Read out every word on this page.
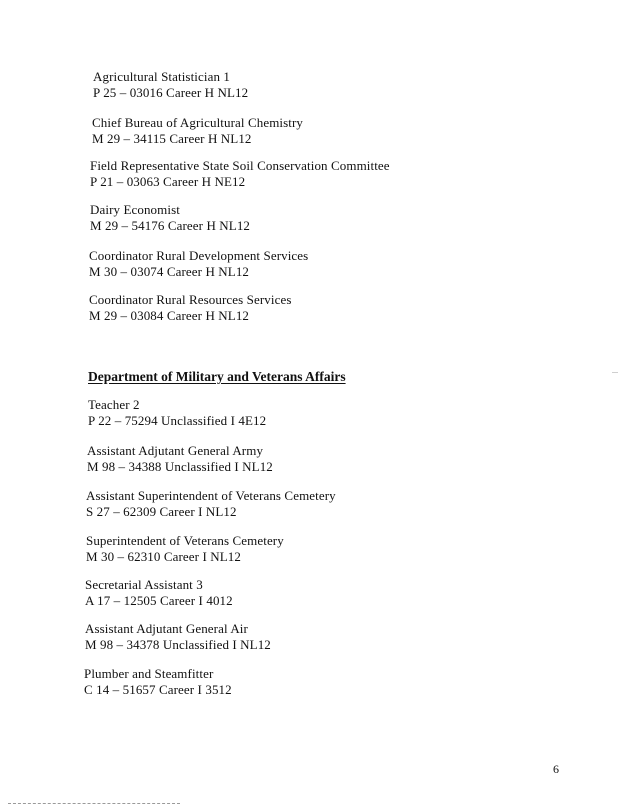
Agricultural Statistician 1
P 25 – 03016 Career H NL12
Chief Bureau of Agricultural Chemistry
M 29 – 34115 Career H NL12
Field Representative State Soil Conservation Committee
P 21 – 03063 Career H NE12
Dairy Economist
M 29 – 54176 Career H NL12
Coordinator Rural Development Services
M 30 – 03074 Career H NL12
Coordinator Rural Resources Services
M 29 – 03084 Career H NL12
Department of Military and Veterans Affairs
Teacher 2
P 22 – 75294 Unclassified I 4E12
Assistant Adjutant General Army
M 98 – 34388 Unclassified I NL12
Assistant Superintendent of Veterans Cemetery
S 27 – 62309 Career I NL12
Superintendent of Veterans Cemetery
M 30 – 62310 Career I NL12
Secretarial Assistant 3
A 17 – 12505 Career I 4012
Assistant Adjutant General Air
M 98 – 34378 Unclassified I NL12
Plumber and Steamfitter
C 14 – 51657 Career I 3512
6
